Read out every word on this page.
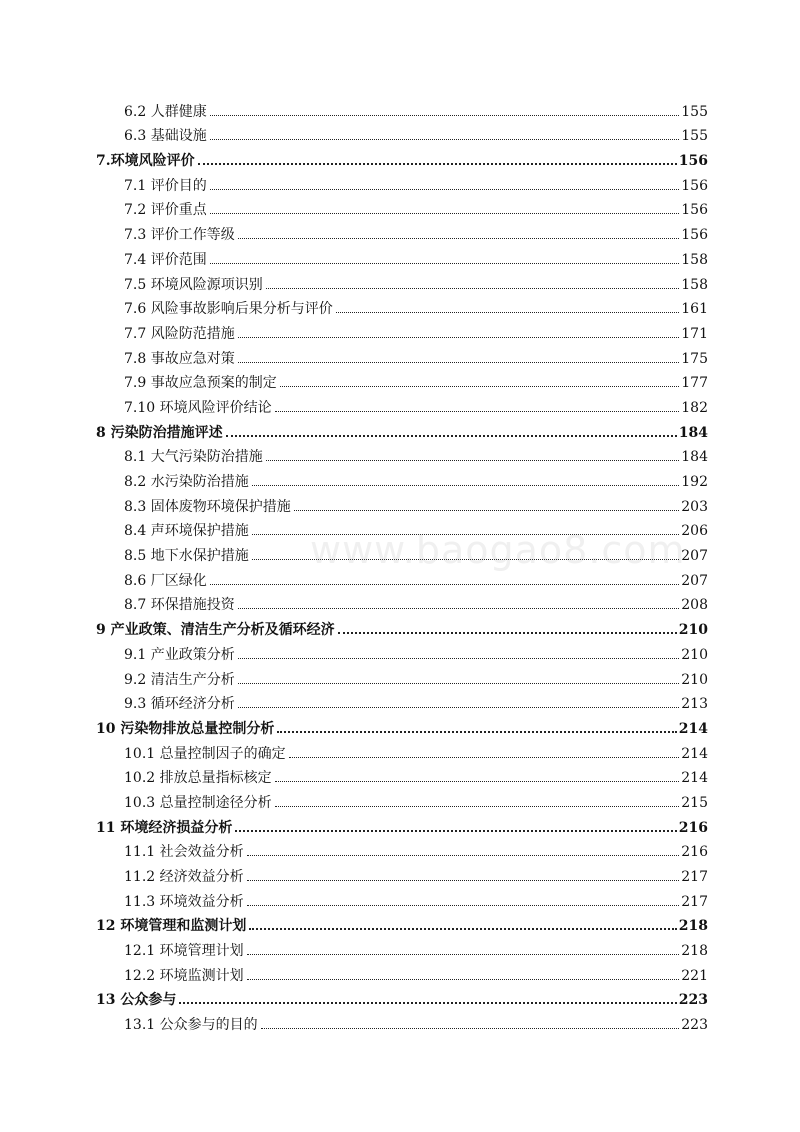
6.2 人群健康	155
6.3 基础设施	155
7.环境风险评价	156
7.1 评价目的	156
7.2 评价重点	156
7.3 评价工作等级	156
7.4 评价范围	158
7.5 环境风险源项识别	158
7.6 风险事故影响后果分析与评价	161
7.7 风险防范措施	171
7.8 事故应急对策	175
7.9 事故应急预案的制定	177
7.10 环境风险评价结论	182
8 污染防治措施评述	184
8.1 大气污染防治措施	184
8.2 水污染防治措施	192
8.3 固体废物环境保护措施	203
8.4 声环境保护措施	206
8.5 地下水保护措施	207
8.6 厂区绿化	207
8.7 环保措施投资	208
9 产业政策、清洁生产分析及循环经济	210
9.1 产业政策分析	210
9.2 清洁生产分析	210
9.3 循环经济分析	213
10 污染物排放总量控制分析	214
10.1 总量控制因子的确定	214
10.2 排放总量指标核定	214
10.3 总量控制途径分析	215
11 环境经济损益分析	216
11.1 社会效益分析	216
11.2 经济效益分析	217
11.3 环境效益分析	217
12 环境管理和监测计划	218
12.1 环境管理计划	218
12.2 环境监测计划	221
13 公众参与	223
13.1 公众参与的目的	223
www.baogao8.com
